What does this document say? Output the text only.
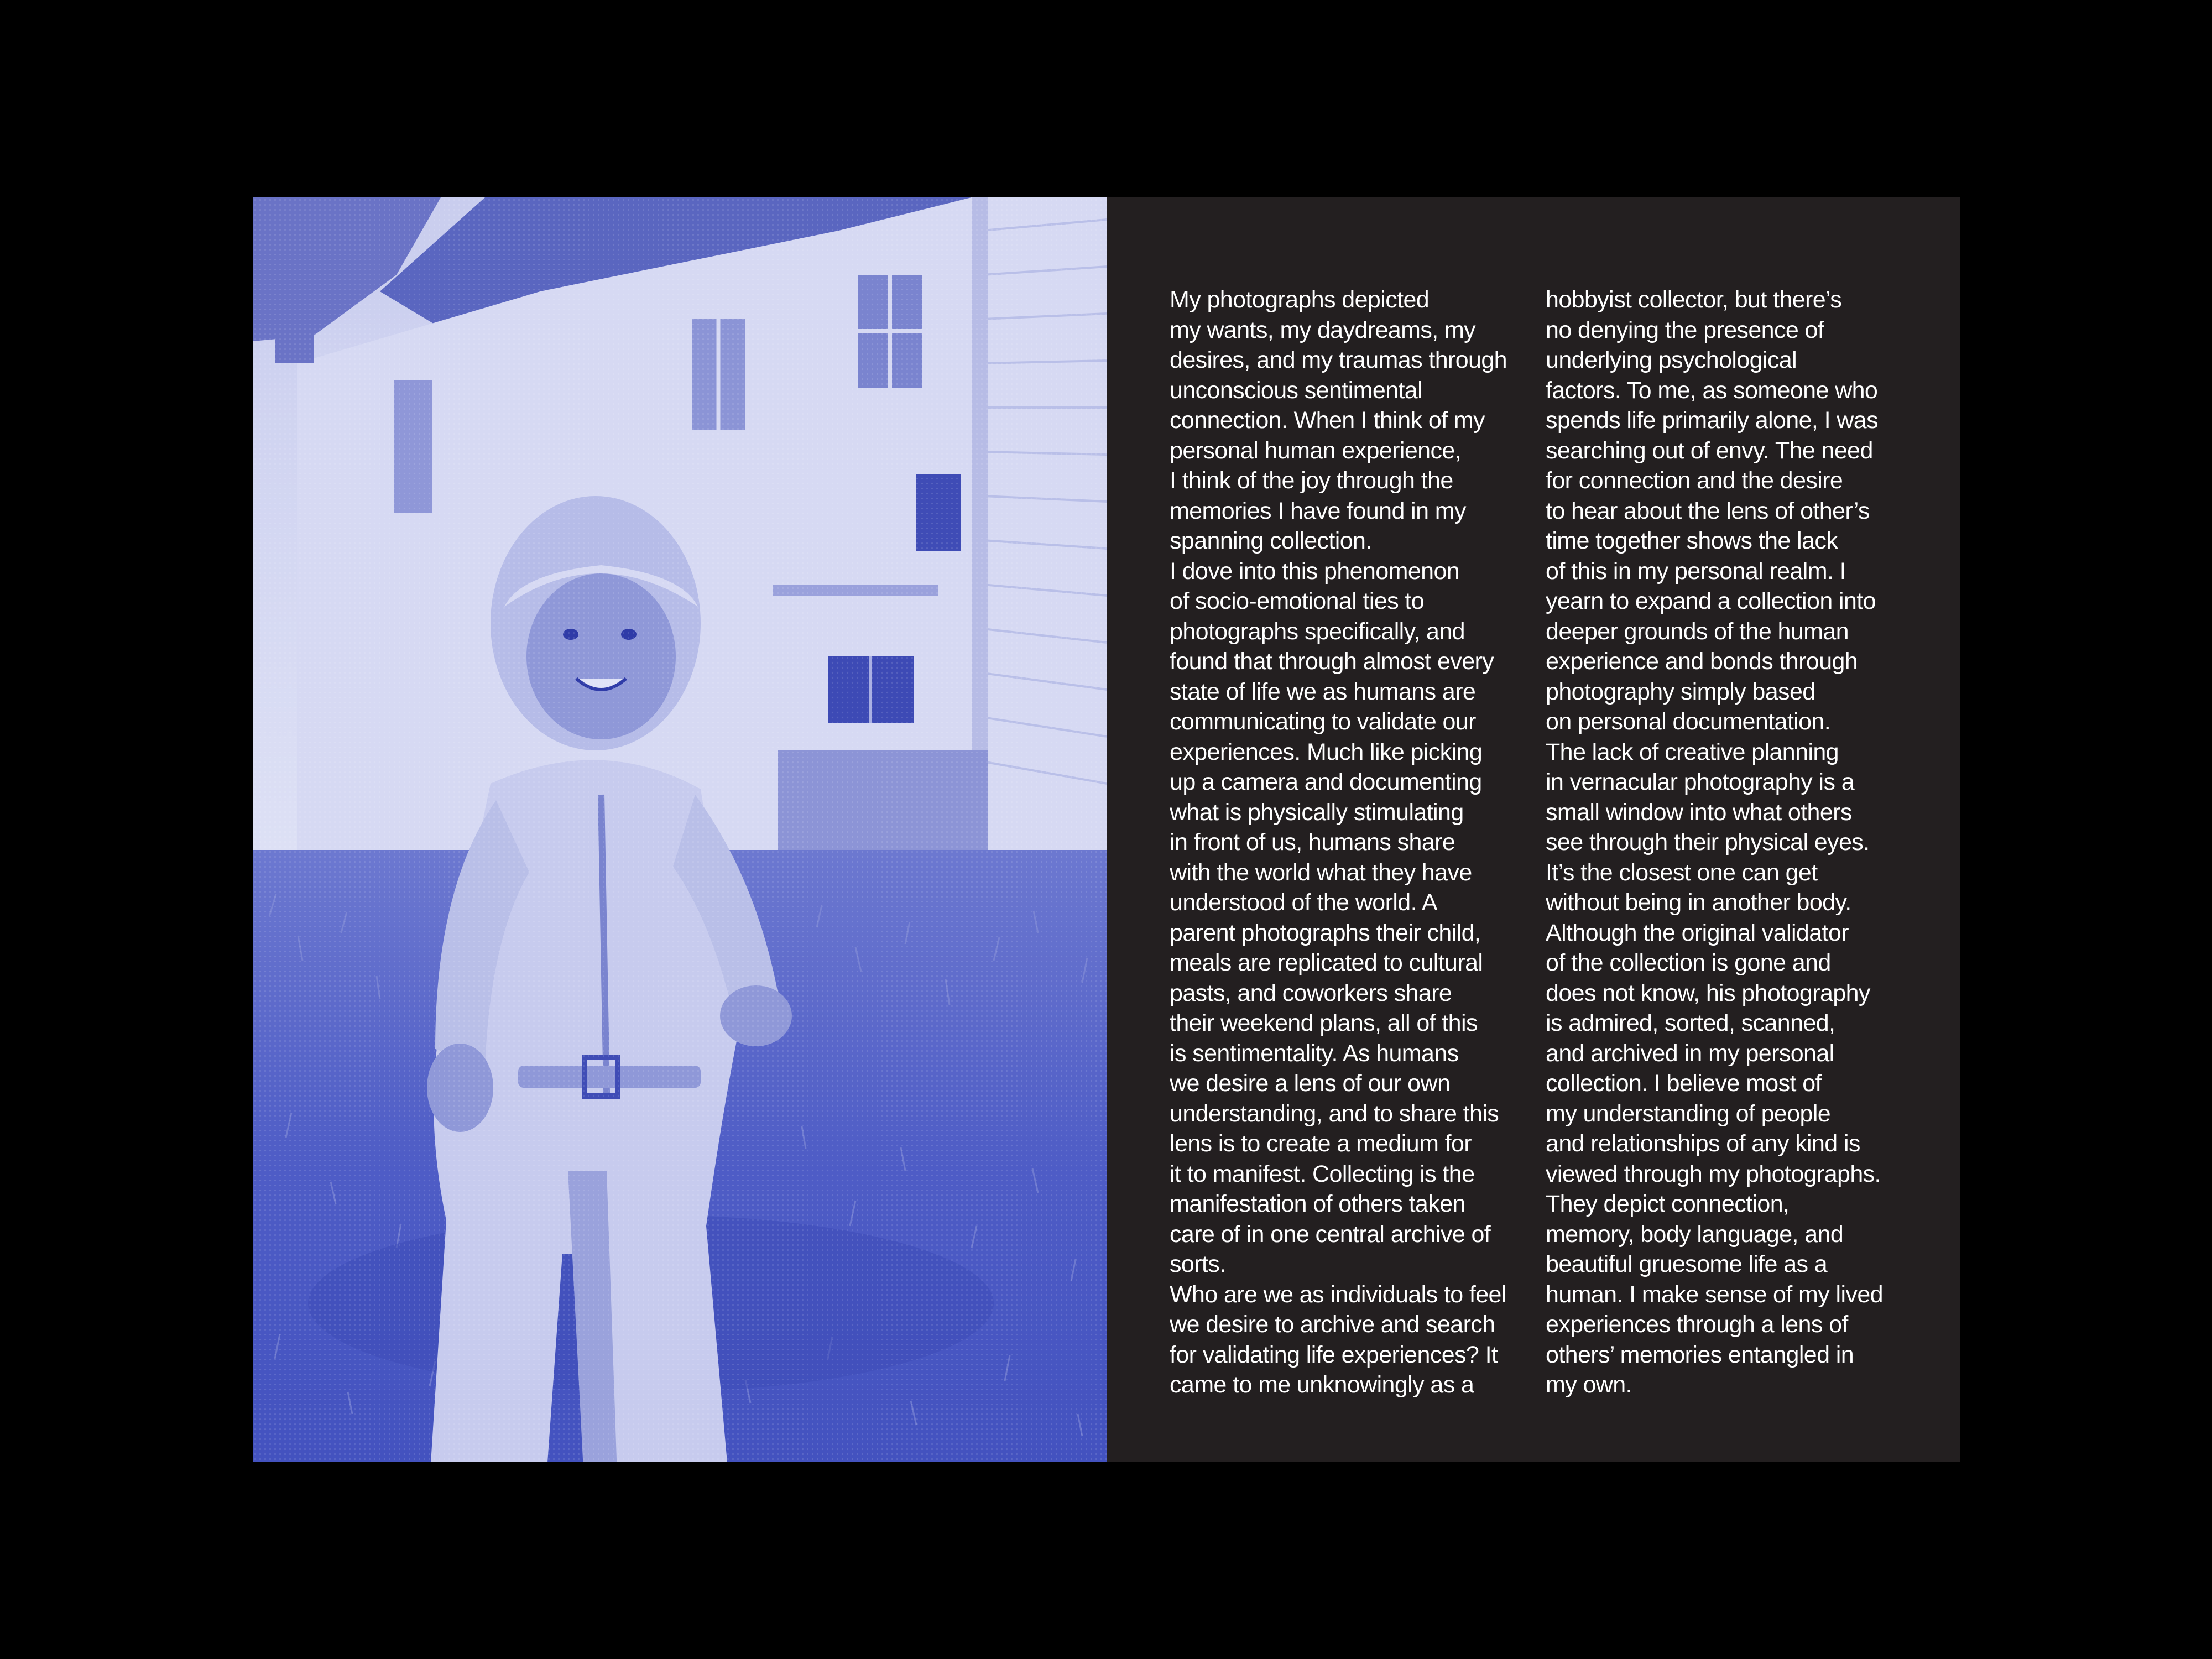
My photographs depicted
my wants, my daydreams, my
desires, and my traumas through
unconscious sentimental
connection. When I think of my
personal human experience,
I think of the joy through the
memories I have found in my
spanning collection.
I dove into this phenomenon
of socio-emotional ties to
photographs specifically, and
found that through almost every
state of life we as humans are
communicating to validate our
experiences. Much like picking
up a camera and documenting
what is physically stimulating
in front of us, humans share
with the world what they have
understood of the world. A
parent photographs their child,
meals are replicated to cultural
pasts, and coworkers share
their weekend plans, all of this
is sentimentality. As humans
we desire a lens of our own
understanding, and to share this
lens is to create a medium for
it to manifest. Collecting is the
manifestation of others taken
care of in one central archive of
sorts.
Who are we as individuals to feel
we desire to archive and search
for validating life experiences? It
came to me unknowingly as a
hobbyist collector, but there’s
no denying the presence of
underlying psychological
factors. To me, as someone who
spends life primarily alone, I was
searching out of envy. The need
for connection and the desire
to hear about the lens of other’s
time together shows the lack
of this in my personal realm. I
yearn to expand a collection into
deeper grounds of the human
experience and bonds through
photography simply based
on personal documentation.
The lack of creative planning
in vernacular photography is a
small window into what others
see through their physical eyes.
It’s the closest one can get
without being in another body.
Although the original validator
of the collection is gone and
does not know, his photography
is admired, sorted, scanned,
and archived in my personal
collection. I believe most of
my understanding of people
and relationships of any kind is
viewed through my photographs.
They depict connection,
memory, body language, and
beautiful gruesome life as a
human. I make sense of my lived
experiences through a lens of
others’ memories entangled in
my own.
